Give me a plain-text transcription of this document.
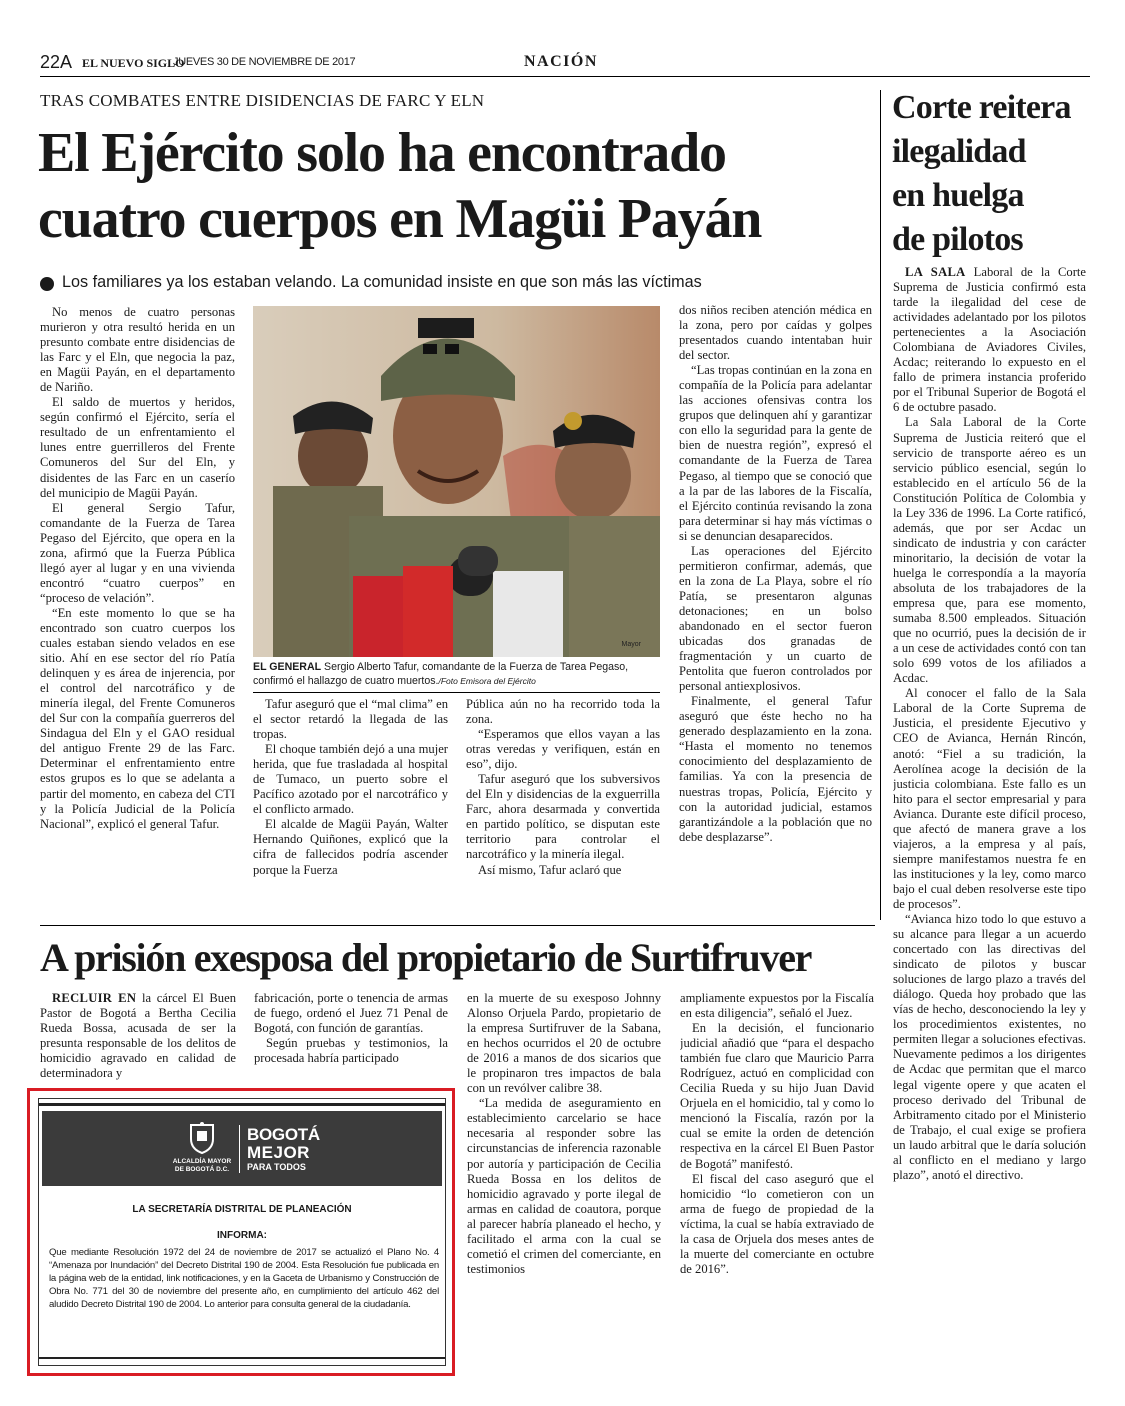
22A EL NUEVO SIGLO
JUEVES 30 DE NOVIEMBRE DE 2017	NACIÓN
TRAS COMBATES ENTRE DISIDENCIAS DE FARC Y ELN
El Ejército solo ha encontrado
cuatro cuerpos en Magüi Payán
Los familiares ya los estaban velando. La comunidad insiste en que son más las víctimas

No menos de cuatro personas murieron y otra resultó herida en un presunto combate entre disidencias de las Farc y el Eln, que negocia la paz, en Magüi Payán, en el departamento de Nariño.

El saldo de muertos y heridos, según confirmó el Ejército, sería el resultado de un enfrentamiento el lunes entre guerrilleros del Frente Comuneros del Sur del Eln, y disidentes de las Farc en un caserío del municipio de Magüi Payán.

El general Sergio Tafur, comandante de la Fuerza de Tarea Pegaso del Ejército, que opera en la zona, afirmó que la Fuerza Pública llegó ayer al lugar y en una vivienda encontró “cuatro cuerpos” en “proceso de velación”.

“En este momento lo que se ha encontrado son cuatro cuerpos los cuales estaban siendo velados en ese sitio. Ahí en ese sector del río Patía delinquen y es área de injerencia, por el control del narcotráfico y de minería ilegal, del Frente Comuneros del Sur con la compañía guerreros del Sindagua del Eln y el GAO residual del antiguo Frente 29 de las Farc. Determinar el enfrentamiento entre estos grupos es lo que se adelanta a partir del momento, en cabeza del CTI y la Policía Judicial de la Policía Nacional”, explicó el general Tafur.

Mayor
EL GENERAL Sergio Alberto Tafur, comandante de la Fuerza de Tarea Pegaso, confirmó el hallazgo de cuatro muertos./Foto Emisora del Ejército

Tafur aseguró que el “mal clima” en el sector retardó la llegada de las tropas.

El choque también dejó a una mujer herida, que fue trasladada al hospital de Tumaco, un puerto sobre el Pacífico azotado por el narcotráfico y el conflicto armado.

El alcalde de Magüi Payán, Walter Hernando Quiñones, explicó que la cifra de fallecidos podría ascender porque la Fuerza

Pública aún no ha recorrido toda la zona.

“Esperamos que ellos vayan a las otras veredas y verifiquen, están en eso”, dijo.

Tafur aseguró que los subversivos del Eln y disidencias de la exguerrilla Farc, ahora desarmada y convertida en partido político, se disputan este territorio para controlar el narcotráfico y la minería ilegal.

Así mismo, Tafur aclaró que

dos niños reciben atención médica en la zona, pero por caídas y golpes presentados cuando intentaban huir del sector.

“Las tropas continúan en la zona en compañía de la Policía para adelantar las acciones ofensivas contra los grupos que delinquen ahí y garantizar con ello la seguridad para la gente de bien de nuestra región”, expresó el comandante de la Fuerza de Tarea Pegaso, al tiempo que se conoció que a la par de las labores de la Fiscalía, el Ejército continúa revisando la zona para determinar si hay más víctimas o si se denuncian desaparecidos.

Las operaciones del Ejército permitieron confirmar, además, que en la zona de La Playa, sobre el río Patía, se presentaron algunas detonaciones; en un bolso abandonado en el sector fueron ubicadas dos granadas de fragmentación y un cuarto de Pentolita que fueron controlados por personal antiexplosivos.

Finalmente, el general Tafur aseguró que éste hecho no ha generado desplazamiento en la zona. “Hasta el momento no tenemos conocimiento del desplazamiento de familias. Ya con la presencia de nuestras tropas, Policía, Ejército y con la autoridad judicial, estamos garantizándole a la población que no debe desplazarse”.

Corte reitera
ilegalidad
en huelga
de pilotos

LA SALA Laboral de la Corte Suprema de Justicia confirmó esta tarde la ilegalidad del cese de actividades adelantado por los pilotos pertenecientes a la Asociación Colombiana de Aviadores Civiles, Acdac; reiterando lo expuesto en el fallo de primera instancia proferido por el Tribunal Superior de Bogotá el 6 de octubre pasado.

La Sala Laboral de la Corte Suprema de Justicia reiteró que el servicio de transporte aéreo es un servicio público esencial, según lo establecido en el artículo 56 de la Constitución Política de Colombia y la Ley 336 de 1996. La Corte ratificó, además, que por ser Acdac un sindicato de industria y con carácter minoritario, la decisión de votar la huelga le correspondía a la mayoría absoluta de los trabajadores de la empresa que, para ese momento, sumaba 8.500 empleados. Situación que no ocurrió, pues la decisión de ir a un cese de actividades contó con tan solo 699 votos de los afiliados a Acdac.

Al conocer el fallo de la Sala Laboral de la Corte Suprema de Justicia, el presidente Ejecutivo y CEO de Avianca, Hernán Rincón, anotó: “Fiel a su tradición, la Aerolínea acoge la decisión de la justicia colombiana. Este fallo es un hito para el sector empresarial y para Avianca. Durante este difícil proceso, que afectó de manera grave a los viajeros, a la empresa y al país, siempre manifestamos nuestra fe en las instituciones y la ley, como marco bajo el cual deben resolverse este tipo de procesos”.

“Avianca hizo todo lo que estuvo a su alcance para llegar a un acuerdo concertado con las directivas del sindicato de pilotos y buscar soluciones de largo plazo a través del diálogo. Queda hoy probado que las vías de hecho, desconociendo la ley y los procedimientos existentes, no permiten llegar a soluciones efectivas. Nuevamente pedimos a los dirigentes de Acdac que permitan que el marco legal vigente opere y que acaten el proceso derivado del Tribunal de Arbitramento citado por el Ministerio de Trabajo, el cual exige se profiera un laudo arbitral que le daría solución al conflicto en el mediano y largo plazo”, anotó el directivo.

A prisión exesposa del propietario de Surtifruver

RECLUIR EN la cárcel El Buen Pastor de Bogotá a Bertha Cecilia Rueda Bossa, acusada de ser la presunta responsable de los delitos de homicidio agravado en calidad de determinadora y

fabricación, porte o tenencia de armas de fuego, ordenó el Juez 71 Penal de Bogotá, con función de garantías.

Según pruebas y testimonios, la procesada habría participado

en la muerte de su exesposo Johnny Alonso Orjuela Pardo, propietario de la empresa Surtifruver de la Sabana, en hechos ocurridos el 20 de octubre de 2016 a manos de dos sicarios que le propinaron tres impactos de bala con un revólver calibre 38.

“La medida de aseguramiento en establecimiento carcelario se hace necesaria al responder sobre las circunstancias de inferencia razonable por autoría y participación de Cecilia Rueda Bossa en los delitos de homicidio agravado y porte ilegal de armas en calidad de coautora, porque al parecer habría planeado el hecho, y facilitado el arma con la cual se cometió el crimen del comerciante, en testimonios

ampliamente expuestos por la Fiscalía en esta diligencia”, señaló el Juez.

En la decisión, el funcionario judicial añadió que “para el despacho también fue claro que Mauricio Parra Rodríguez, actuó en complicidad con Cecilia Rueda y su hijo Juan David Orjuela en el homicidio, tal y como lo mencionó la Fiscalía, razón por la cual se emite la orden de detención respectiva en la cárcel El Buen Pastor de Bogotá” manifestó.

El fiscal del caso aseguró que el homicidio “lo cometieron con un arma de fuego de propiedad de la víctima, la cual se había extraviado de la casa de Orjuela dos meses antes de la muerte del comerciante en octubre de 2016”.

ALCALDÍA MAYOR
DE BOGOTÁ D.C.
BOGOTÁ
MEJOR
PARA TODOS
LA SECRETARÍA DISTRITAL DE PLANEACIÓN
INFORMA:
Que mediante Resolución 1972 del 24 de noviembre de 2017 se actualizó el Plano No. 4 “Amenaza por Inundación” del Decreto Distrital 190 de 2004. Esta Resolución fue publicada en la página web de la entidad, link notificaciones, y en la Gaceta de Urbanismo y Construcción de Obra No. 771 del 30 de noviembre del presente año, en cumplimiento del artículo 462 del aludido Decreto Distrital 190 de 2004. Lo anterior para consulta general de la ciudadanía.
